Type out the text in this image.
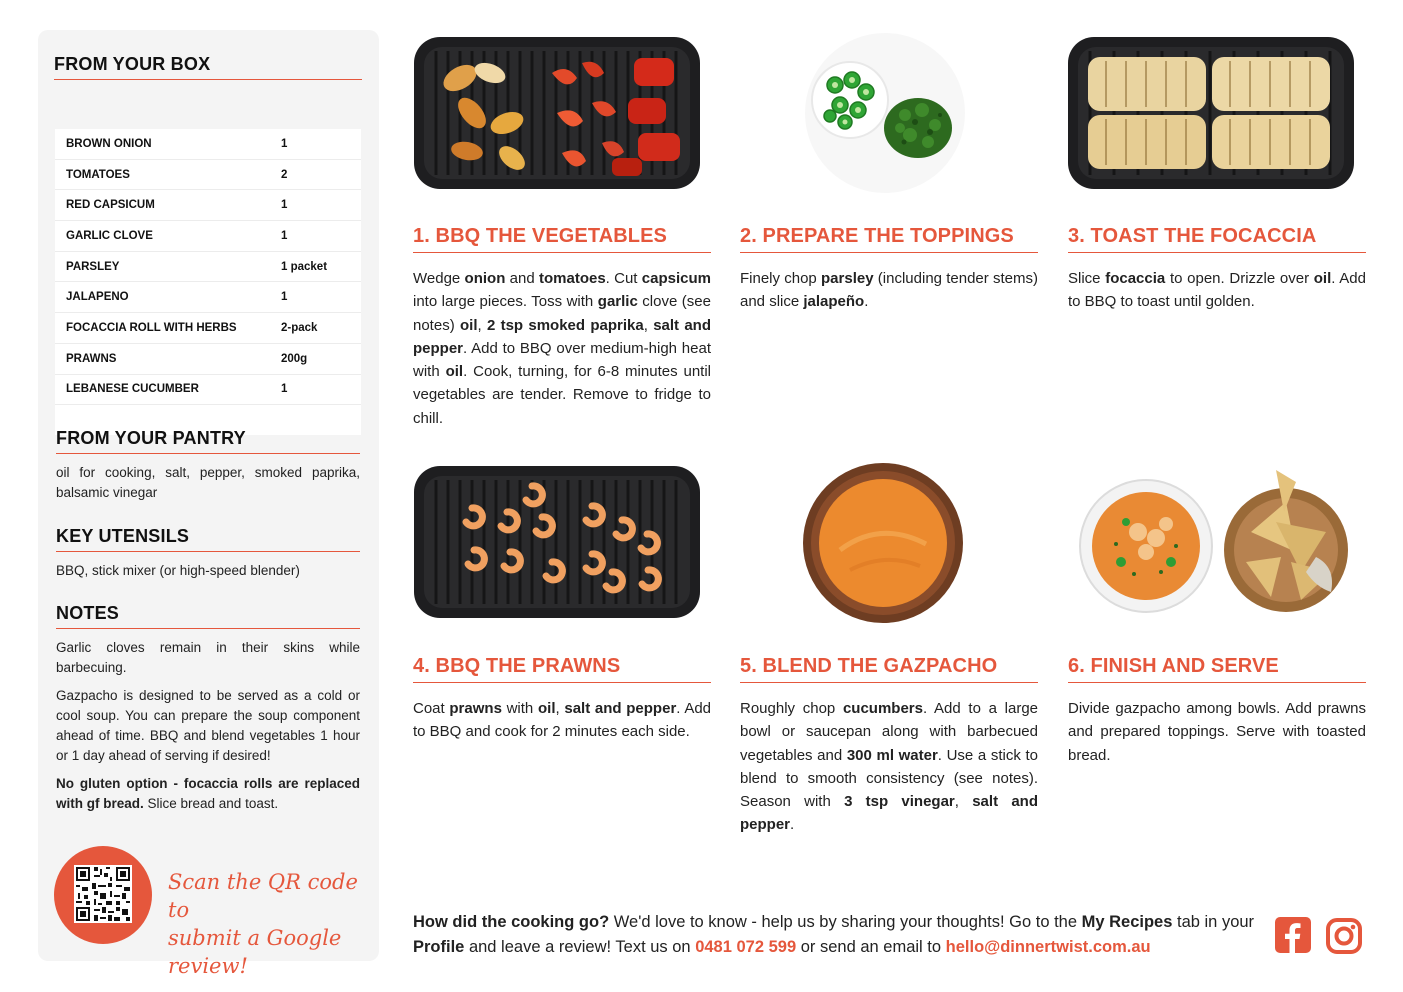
FROM YOUR BOX
BROWN ONION	1
TOMATOES	2
RED CAPSICUM	1
GARLIC CLOVE	1
PARSLEY	1 packet
JALAPENO	1
FOCACCIA ROLL WITH HERBS	2-pack
PRAWNS	200g
LEBANESE CUCUMBER	1
FROM YOUR PANTRY
oil for cooking, salt, pepper, smoked paprika, balsamic vinegar
KEY UTENSILS
BBQ, stick mixer (or high-speed blender)
NOTES

Garlic cloves remain in their skins while barbecuing.

Gazpacho is designed to be served as a cold or cool soup. You can prepare the soup component ahead of time. BBQ and blend vegetables 1 hour or 1 day ahead of serving if desired!

No gluten option - focaccia rolls are replaced with gf bread. Slice bread and toast.

Scan the QR code to
submit a Google review!
1. BBQ THE VEGETABLES
Wedge onion and tomatoes. Cut capsicum into large pieces. Toss with garlic clove (see notes) oil, 2 tsp smoked paprika, salt and pepper. Add to BBQ over medium-high heat with oil. Cook, turning, for 6-8 minutes until vegetables are tender. Remove to fridge to chill.
2. PREPARE THE TOPPINGS
Finely chop parsley (including tender stems) and slice jalapeño.
3. TOAST THE FOCACCIA
Slice focaccia to open. Drizzle over oil. Add to BBQ to toast until golden.
4. BBQ THE PRAWNS
Coat prawns with oil, salt and pepper. Add to BBQ and cook for 2 minutes each side.
5. BLEND THE GAZPACHO
Roughly chop cucumbers. Add to a large bowl or saucepan along with barbecued vegetables and 300 ml water. Use a stick to blend to smooth consistency (see notes). Season with 3 tsp vinegar, salt and pepper.
6. FINISH AND SERVE
Divide gazpacho among bowls. Add prawns and prepared toppings. Serve with toasted bread.
How did the cooking go? We'd love to know - help us by sharing your thoughts! Go to the My Recipes tab in your Profile and leave a review! Text us on 0481 072 599 or send an email to hello@dinnertwist.com.au
